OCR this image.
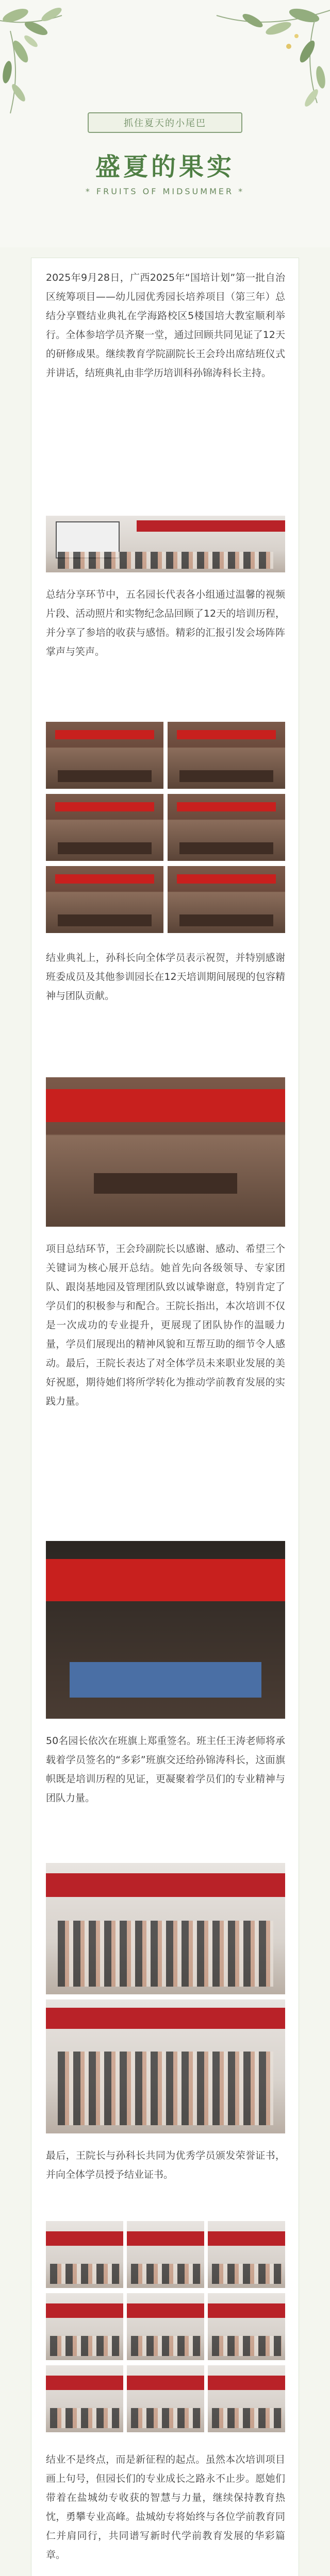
抓住夏天的小尾巴
盛夏的果实
* FRUITS OF MIDSUMMER *

2025年9月28日，广西2025年“国培计划”第一批自治区统筹项目——幼儿园优秀园长培养项目（第三年）总结分享暨结业典礼在学海路校区5楼国培大教室顺利举行。全体参培学员齐聚一堂，通过回顾共同见证了12天的研修成果。继续教育学院副院长王会玲出席结班仪式并讲话，结班典礼由非学历培训科孙锦涛科长主持。

总结分享环节中，五名园长代表各小组通过温馨的视频片段、活动照片和实物纪念品回顾了12天的培训历程，并分享了参培的收获与感悟。精彩的汇报引发会场阵阵掌声与笑声。

结业典礼上，孙科长向全体学员表示祝贺，并特别感谢班委成员及其他参训园长在12天培训期间展现的包容精神与团队贡献。

项目总结环节，王会玲副院长以感谢、感动、希望三个关键词为核心展开总结。她首先向各级领导、专家团队、跟岗基地园及管理团队致以诚挚谢意，特别肯定了学员们的积极参与和配合。王院长指出，本次培训不仅是一次成功的专业提升，更展现了团队协作的温暖力量，学员们展现出的精神风貌和互帮互助的细节令人感动。最后，王院长表达了对全体学员未来职业发展的美好祝愿，期待她们将所学转化为推动学前教育发展的实践力量。

50名园长依次在班旗上郑重签名。班主任王涛老师将承载着学员签名的“多彩”班旗交还给孙锦涛科长，这面旗帜既是培训历程的见证，更凝聚着学员们的专业精神与团队力量。

最后，王院长与孙科长共同为优秀学员颁发荣誉证书，并向全体学员授予结业证书。

结业不是终点，而是新征程的起点。虽然本次培训项目画上句号，但园长们的专业成长之路永不止步。愿她们带着在盐城幼专收获的智慧与力量，继续保持教育热忱，勇攀专业高峰。盐城幼专将始终与各位学前教育同仁并肩同行，共同谱写新时代学前教育发展的华彩篇章。
